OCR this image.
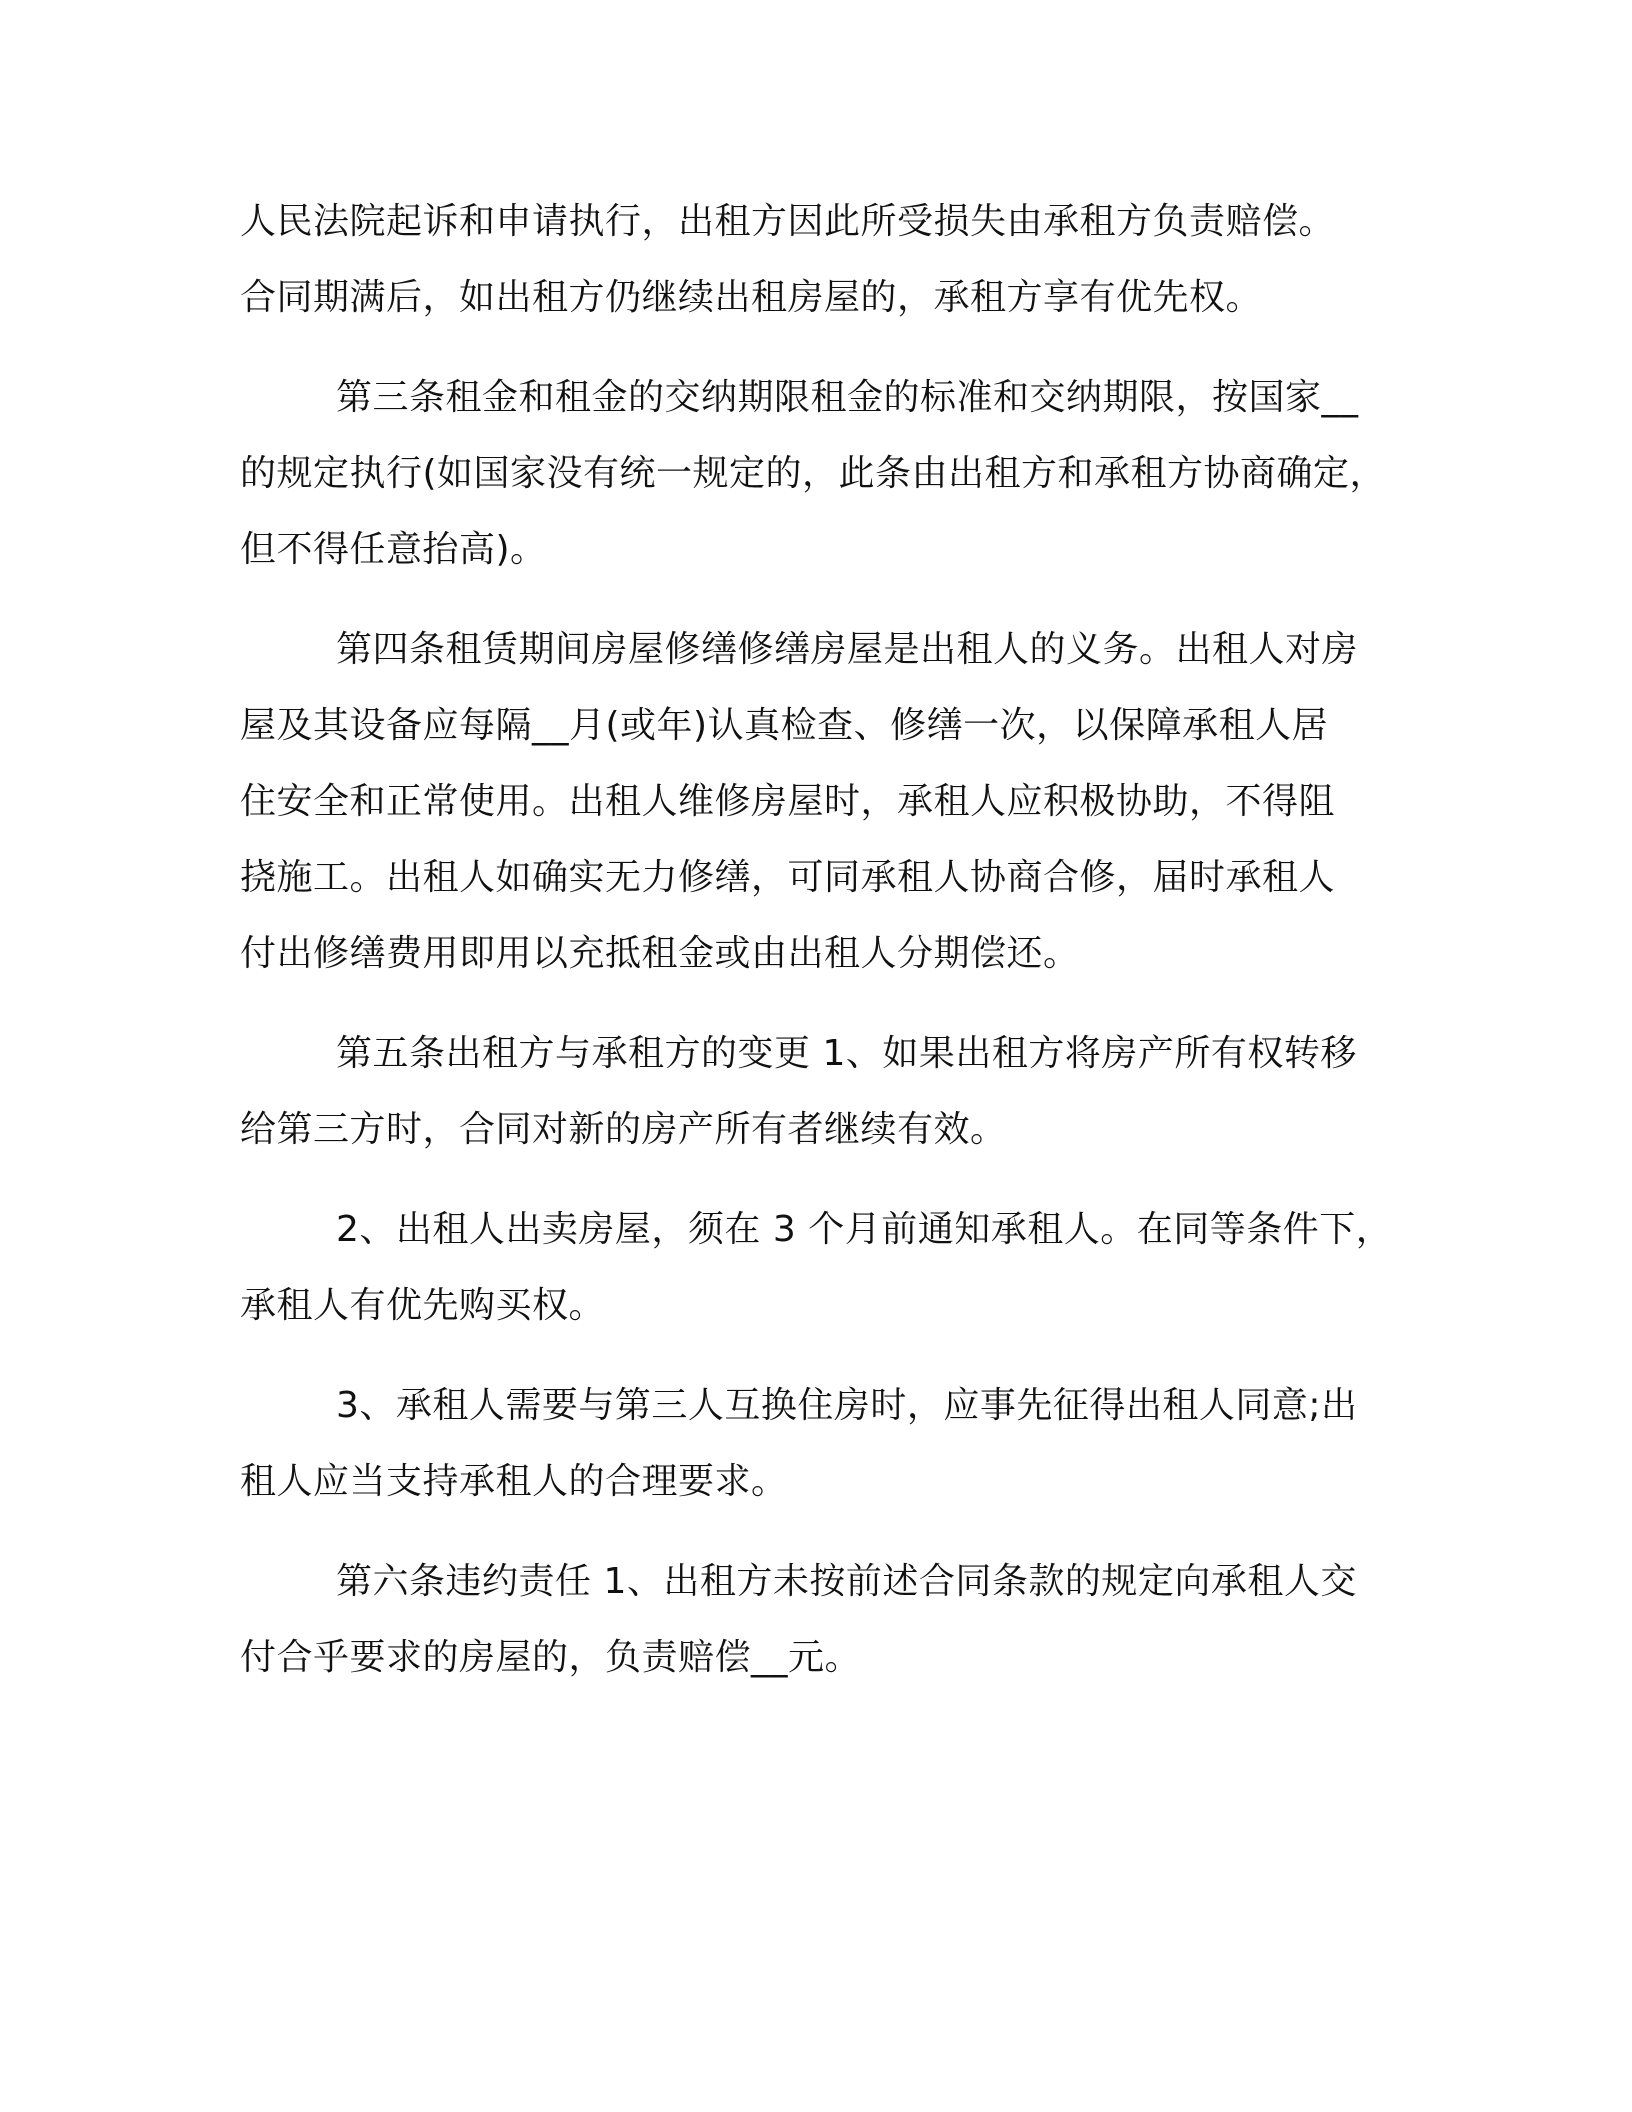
人民法院起诉和申请执行，出租方因此所受损失由承租方负责赔偿。
合同期满后，如出租方仍继续出租房屋的，承租方享有优先权。
第三条租金和租金的交纳期限租金的标准和交纳期限，按国家__
的规定执行(如国家没有统一规定的，此条由出租方和承租方协商确定，
但不得任意抬高)。
第四条租赁期间房屋修缮修缮房屋是出租人的义务。出租人对房
屋及其设备应每隔__月(或年)认真检查、修缮一次，以保障承租人居
住安全和正常使用。出租人维修房屋时，承租人应积极协助，不得阻
挠施工。出租人如确实无力修缮，可同承租人协商合修，届时承租人
付出修缮费用即用以充抵租金或由出租人分期偿还。
第五条出租方与承租方的变更 1、如果出租方将房产所有权转移
给第三方时，合同对新的房产所有者继续有效。
2、出租人出卖房屋，须在 3 个月前通知承租人。在同等条件下，
承租人有优先购买权。
3、承租人需要与第三人互换住房时，应事先征得出租人同意;出
租人应当支持承租人的合理要求。
第六条违约责任 1、出租方未按前述合同条款的规定向承租人交
付合乎要求的房屋的，负责赔偿__元。
